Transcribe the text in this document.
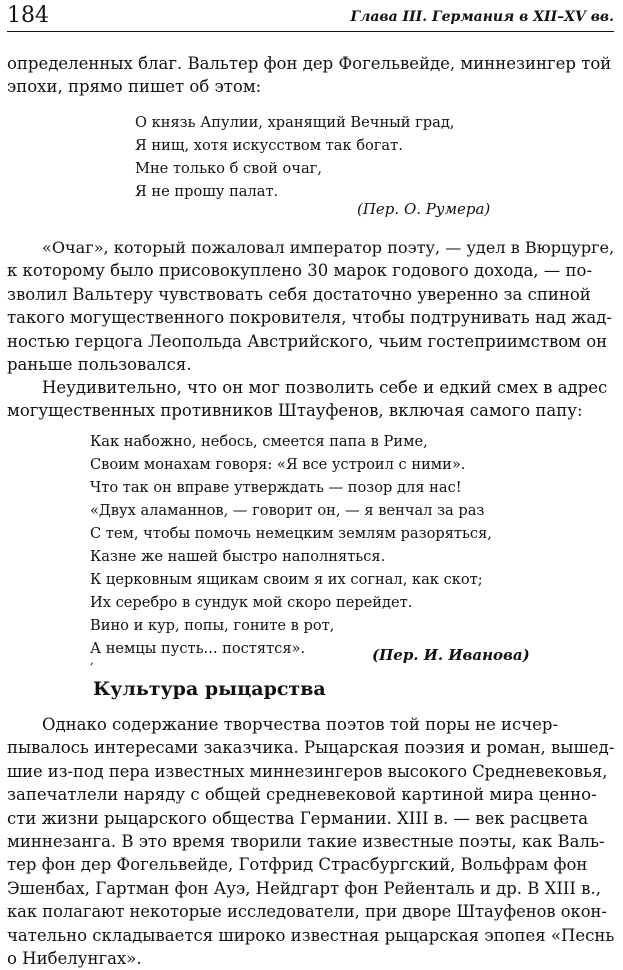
184	Глава III. Германия в XII–XV вв.
определенных благ. Вальтер фон дер Фогельвейде, миннезингер той
эпохи, прямо пишет об этом:
О князь Апулии, хранящий Вечный град,
Я нищ, хотя искусством так богат.
Мне только б свой очаг,
Я не прошу палат.
(Пер. О. Румера)
«Очаг», который пожаловал император поэту, — удел в Вюрцурге,
к которому было присовокуплено 30 марок годового дохода, — по-
зволил Вальтеру чувствовать себя достаточно уверенно за спиной
такого могущественного покровителя, чтобы подтрунивать над жад-
ностью герцога Леопольда Австрийского, чьим гостеприимством он
раньше пользовался.
Неудивительно, что он мог позволить себе и едкий смех в адрес
могущественных противников Штауфенов, включая самого папу:
Как набожно, небось, смеется папа в Риме,
Своим монахам говоря: «Я все устроил с ними».
Что так он вправе утверждать — позор для нас!
«Двух аламаннов, — говорит он, — я венчал за раз
С тем, чтобы помочь немецким землям разоряться,
Казне же нашей быстро наполняться.
К церковным ящикам своим я их согнал, как скот;
Их серебро в сундук мой скоро перейдет.
Вино и кур, попы, гоните в рот,
А немцы пусть... постятся».
,	(Пер. И. Иванова)
Культура рыцарства
Однако содержание творчества поэтов той поры не исчер-
пывалось интересами заказчика. Рыцарская поэзия и роман, вышед-
шие из-под пера известных миннезингеров высокого Средневековья,
запечатлели наряду с общей средневековой картиной мира ценно-
сти жизни рыцарского общества Германии. XIII в. — век расцвета
миннезанга. В это время творили такие известные поэты, как Валь-
тер фон дер Фогельвейде, Готфрид Страсбургский, Вольфрам фон
Эшенбах, Гартман фон Ауэ, Нейдгарт фон Рейенталь и др. В XIII в.,
как полагают некоторые исследователи, при дворе Штауфенов окон-
чательно складывается широко известная рыцарская эпопея «Песнь
о Нибелунгах».
